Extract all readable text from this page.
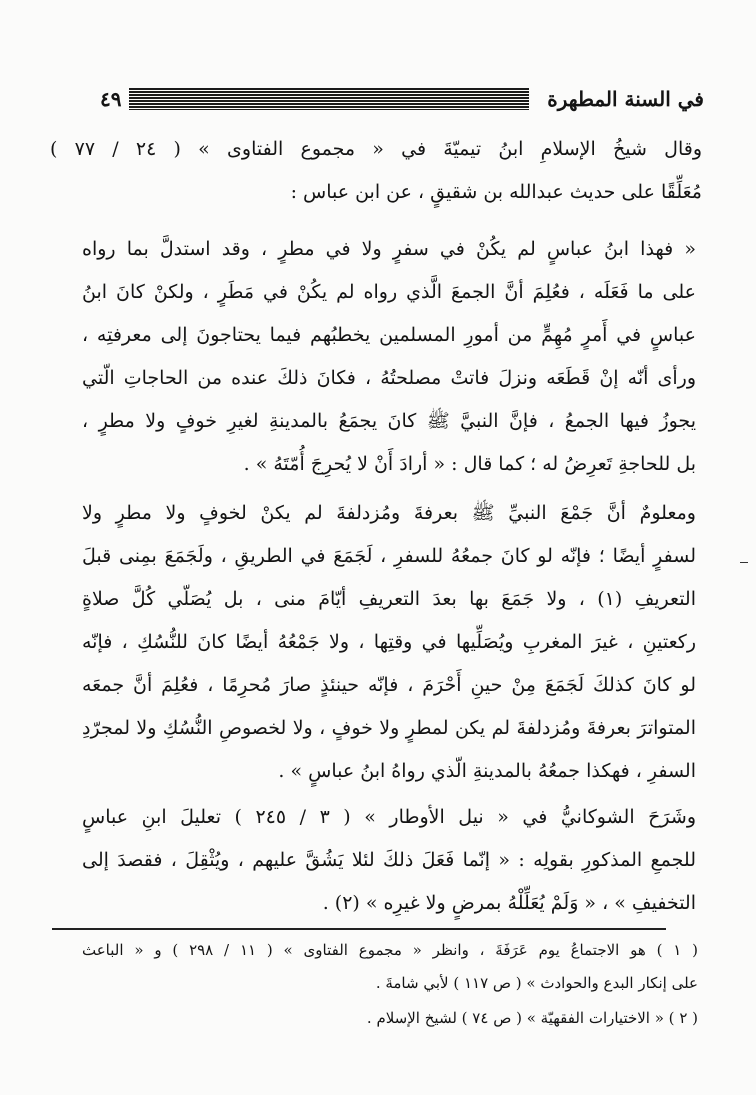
في السنة المطهرة
٤٩
وقال شيخُ الإسلامِ ابنُ تيميّةَ في « مجموع الفتاوى » ( ٢٤ / ٧٧ )
مُعَلِّقًا على حديث عبدالله بن شقيقٍ ، عن ابن عباس :
« فهذا ابنُ عباسٍ لم يكُنْ في سفرٍ ولا في مطرٍ ، وقد استدلَّ بما رواه
على ما فَعَلَه ، فعُلِمَ أنَّ الجمعَ الَّذي رواه لم يكُنْ في مَطَرٍ ، ولكنْ كانَ ابنُ
عباسٍ في أَمرٍ مُهِمٍّ من أمورِ المسلمين يخطبُهم فيما يحتاجونَ إلى معرفتِه ،
ورأى أنّه إنْ قَطَعَه ونزلَ فاتتْ مصلحتُهُ ، فكانَ ذلكَ عنده من الحاجاتِ الّتي
يجوزُ فيها الجمعُ ، فإنَّ النبيَّ ﷺ كانَ يجمَعُ بالمدينةِ لغيرِ خوفٍ ولا مطرٍ ،
بل للحاجةِ تَعرِضُ له ؛ كما قال : « أرادَ أَنْ لا يُحرِجَ أُمّتَهُ » .
ومعلومٌ أنَّ جَمْعَ النبيِّ ﷺ بعرفةَ ومُزدلفةَ لم يكنْ لخوفٍ ولا مطرٍ ولا
لسفرٍ أيضًا ؛ فإنّه لو كانَ جمعُهُ للسفرِ ، لَجَمَعَ في الطريقِ ، ولَجَمَعَ بمِنى قبلَ
التعريفِ (١) ، ولا جَمَعَ بها بعدَ التعريفِ أيّامَ منى ، بل يُصَلّي كُلَّ صلاةٍ
ركعتينِ ، غيرَ المغربِ ويُصَلِّيها في وقتِها ، ولا جَمْعُهُ أيضًا كانَ للنُّسُكِ ، فإنّه
لو كانَ كذلكَ لَجَمَعَ مِنْ حينِ أَحْرَمَ ، فإنّه حينئذٍ صارَ مُحرِمًا ، فعُلِمَ أنَّ جمعَه
المتواترَ بعرفةَ ومُزدلفةَ لم يكن لمطرٍ ولا خوفٍ ، ولا لخصوصِ النُّسُكِ ولا لمجرّدِ
السفرِ ، فهكذا جمعُهُ بالمدينةِ الّذي رواهُ ابنُ عباسٍ » .
وشَرَحَ الشوكانيُّ في « نيل الأوطار » ( ٣ / ٢٤٥ ) تعليلَ ابنِ عباسٍ
للجمعِ المذكورِ بقولِه : « إنّما فَعَلَ ذلكَ لئلا يَشُقَّ عليهم ، ويُثْقِلَ ، فقصدَ إلى
التخفيفِ » ، « وَلَمْ يُعَلِّلْهُ بمرضٍ ولا غيرِه » (٢) .
( ١ ) هو الاجتماعُ يوم عَرَفَةَ ، وانظر « مجموع الفتاوى » ( ١١ / ٢٩٨ ) و « الباعث
على إنكار البدع والحوادث » ( ص ١١٧ ) لأبي شامةَ .
( ٢ ) « الاختيارات الفقهيّة » ( ص ٧٤ ) لشيخ الإسلام .
